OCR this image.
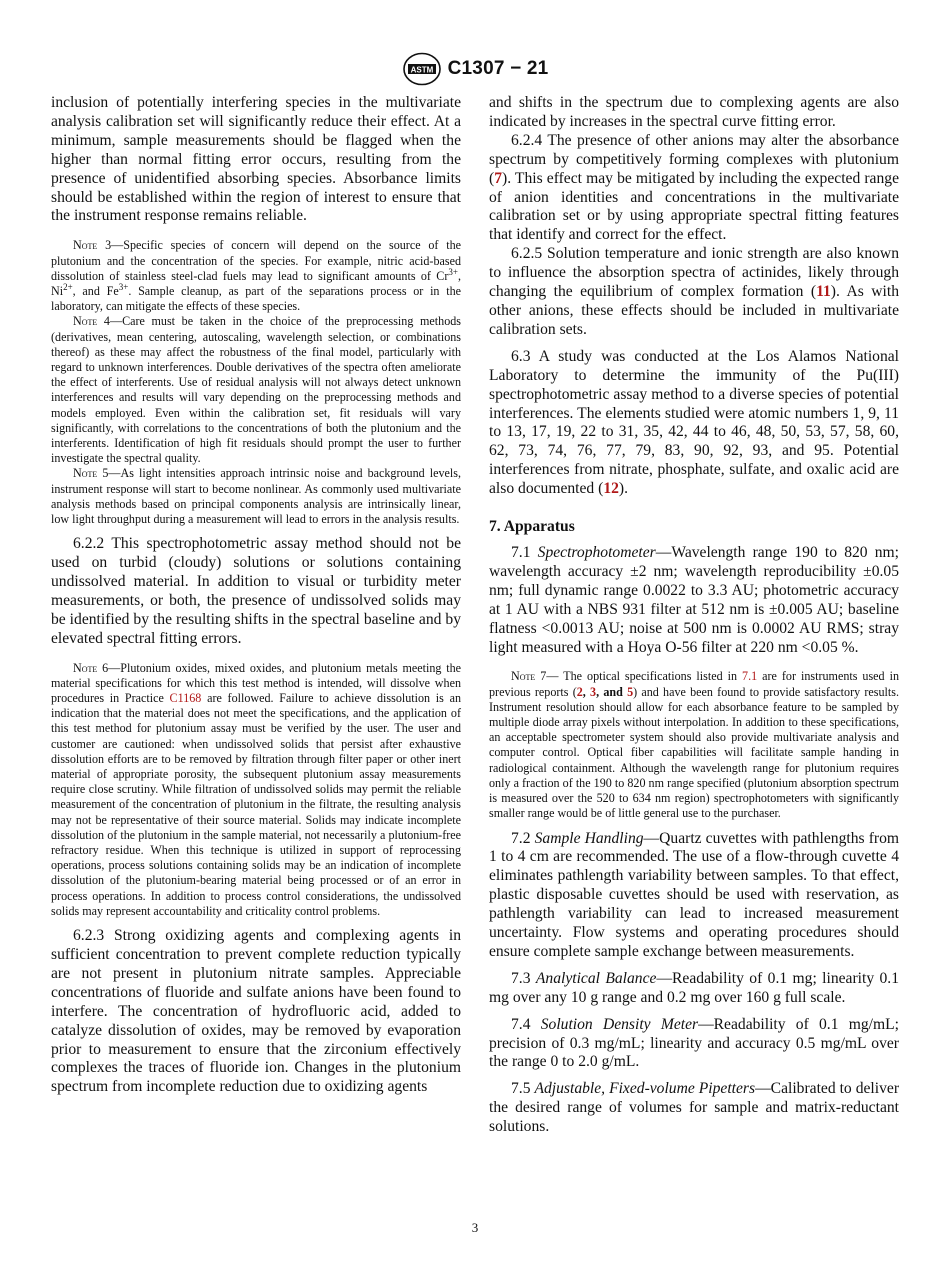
ASTM C1307 − 21

inclusion of potentially interfering species in the multivariate analysis calibration set will significantly reduce their effect. At a minimum, sample measurements should be flagged when the higher than normal fitting error occurs, resulting from the presence of unidentified absorbing species. Absorbance limits should be established within the region of interest to ensure that the instrument response remains reliable.

Note 3—Specific species of concern will depend on the source of the plutonium and the concentration of the species. For example, nitric acid-based dissolution of stainless steel-clad fuels may lead to significant amounts of $Cr^{3+}$, $Ni^{2+}$, and $Fe^{3+}$. Sample cleanup, as part of the separations process or in the laboratory, can mitigate the effects of these species.

Note 4—Care must be taken in the choice of the preprocessing methods (derivatives, mean centering, autoscaling, wavelength selection, or combinations thereof) as these may affect the robustness of the final model, particularly with regard to unknown interferences. Double derivatives of the spectra often ameliorate the effect of interferents. Use of residual analysis will not always detect unknown interferences and results will vary depending on the preprocessing methods and models employed. Even within the calibration set, fit residuals will vary significantly, with correlations to the concentrations of both the plutonium and the interferents. Identification of high fit residuals should prompt the user to further investigate the spectral quality.

Note 5—As light intensities approach intrinsic noise and background levels, instrument response will start to become nonlinear. As commonly used multivariate analysis methods based on principal components analysis are intrinsically linear, low light throughput during a measurement will lead to errors in the analysis results.

6.2.2 This spectrophotometric assay method should not be used on turbid (cloudy) solutions or solutions containing undissolved material. In addition to visual or turbidity meter measurements, or both, the presence of undissolved solids may be identified by the resulting shifts in the spectral baseline and by elevated spectral fitting errors.

Note 6—Plutonium oxides, mixed oxides, and plutonium metals meeting the material specifications for which this test method is intended, will dissolve when procedures in Practice C1168 are followed. Failure to achieve dissolution is an indication that the material does not meet the specifications, and the application of this test method for plutonium assay must be verified by the user. The user and customer are cautioned: when undissolved solids that persist after exhaustive dissolution efforts are to be removed by filtration through filter paper or other inert material of appropriate porosity, the subsequent plutonium assay measurements require close scrutiny. While filtration of undissolved solids may permit the reliable measurement of the concentration of plutonium in the filtrate, the resulting analysis may not be representative of their source material. Solids may indicate incomplete dissolution of the plutonium in the sample material, not necessarily a plutonium-free refractory residue. When this technique is utilized in support of reprocessing operations, process solutions containing solids may be an indication of incomplete dissolution of the plutonium-bearing material being processed or of an error in process operations. In addition to process control considerations, the undissolved solids may represent accountability and criticality control problems.

6.2.3 Strong oxidizing agents and complexing agents in sufficient concentration to prevent complete reduction typically are not present in plutonium nitrate samples. Appreciable concentrations of fluoride and sulfate anions have been found to interfere. The concentration of hydrofluoric acid, added to catalyze dissolution of oxides, may be removed by evaporation prior to measurement to ensure that the zirconium effectively complexes the traces of fluoride ion. Changes in the plutonium spectrum from incomplete reduction due to oxidizing agents

and shifts in the spectrum due to complexing agents are also indicated by increases in the spectral curve fitting error.

6.2.4 The presence of other anions may alter the absorbance spectrum by competitively forming complexes with plutonium (7). This effect may be mitigated by including the expected range of anion identities and concentrations in the multivariate calibration set or by using appropriate spectral fitting features that identify and correct for the effect.

6.2.5 Solution temperature and ionic strength are also known to influence the absorption spectra of actinides, likely through changing the equilibrium of complex formation (11). As with other anions, these effects should be included in multivariate calibration sets.

6.3 A study was conducted at the Los Alamos National Laboratory to determine the immunity of the Pu(III) spectrophotometric assay method to a diverse species of potential interferences. The elements studied were atomic numbers 1, 9, 11 to 13, 17, 19, 22 to 31, 35, 42, 44 to 46, 48, 50, 53, 57, 58, 60, 62, 73, 74, 76, 77, 79, 83, 90, 92, 93, and 95. Potential interferences from nitrate, phosphate, sulfate, and oxalic acid are also documented (12).

7. Apparatus

7.1 Spectrophotometer—Wavelength range 190 to 820 nm; wavelength accuracy ±2 nm; wavelength reproducibility ±0.05 nm; full dynamic range 0.0022 to 3.3 AU; photometric accuracy at 1 AU with a NBS 931 filter at 512 nm is ±0.005 AU; baseline flatness <0.0013 AU; noise at 500 nm is 0.0002 AU RMS; stray light measured with a Hoya O-56 filter at 220 nm <0.05 %.

Note 7— The optical specifications listed in 7.1 are for instruments used in previous reports (2, 3, and 5) and have been found to provide satisfactory results. Instrument resolution should allow for each absorbance feature to be sampled by multiple diode array pixels without interpolation. In addition to these specifications, an acceptable spectrometer system should also provide multivariate analysis and computer control. Optical fiber capabilities will facilitate sample handing in radiological containment. Although the wavelength range for plutonium requires only a fraction of the 190 to 820 nm range specified (plutonium absorption spectrum is measured over the 520 to 634 nm region) spectrophotometers with significantly smaller range would be of little general use to the purchaser.

7.2 Sample Handling—Quartz cuvettes with pathlengths from 1 to 4 cm are recommended. The use of a flow-through cuvette 4 eliminates pathlength variability between samples. To that effect, plastic disposable cuvettes should be used with reservation, as pathlength variability can lead to increased measurement uncertainty. Flow systems and operating procedures should ensure complete sample exchange between measurements.

7.3 Analytical Balance—Readability of 0.1 mg; linearity 0.1 mg over any 10 g range and 0.2 mg over 160 g full scale.

7.4 Solution Density Meter—Readability of 0.1 mg/mL; precision of 0.3 mg/mL; linearity and accuracy 0.5 mg/mL over the range 0 to 2.0 g/mL.

7.5 Adjustable, Fixed-volume Pipetters—Calibrated to deliver the desired range of volumes for sample and matrix-reductant solutions.

3
